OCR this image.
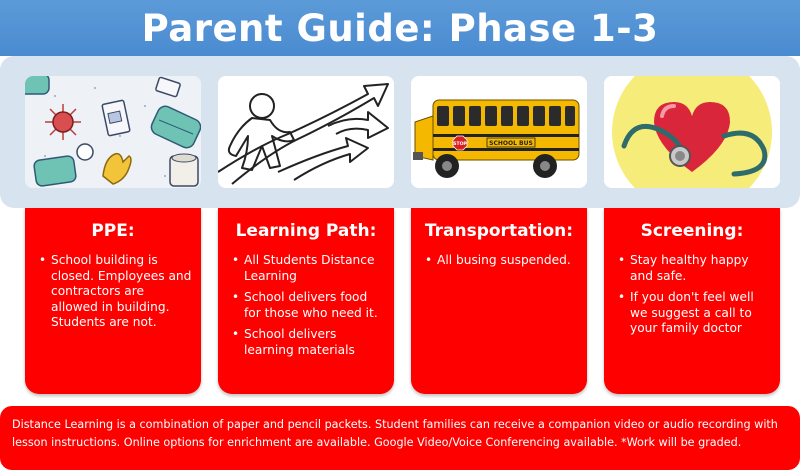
Parent Guide: Phase 1-3
SCHOOL BUS
STOP
PPE:
• School building is closed. Employees and contractors are allowed in building. Students are not.
Learning Path:
• All Students Distance Learning
• School delivers food for those who need it.
• School delivers learning materials
Transportation:
• All busing suspended.
Screening:
• Stay healthy happy and safe.
• If you don't feel well we suggest a call to your family doctor

Distance Learning is a combination of paper and pencil packets. Student families can receive a companion video or audio recording with lesson instructions. Online options for enrichment are available. Google Video/Voice Conferencing available. *Work will be graded.
